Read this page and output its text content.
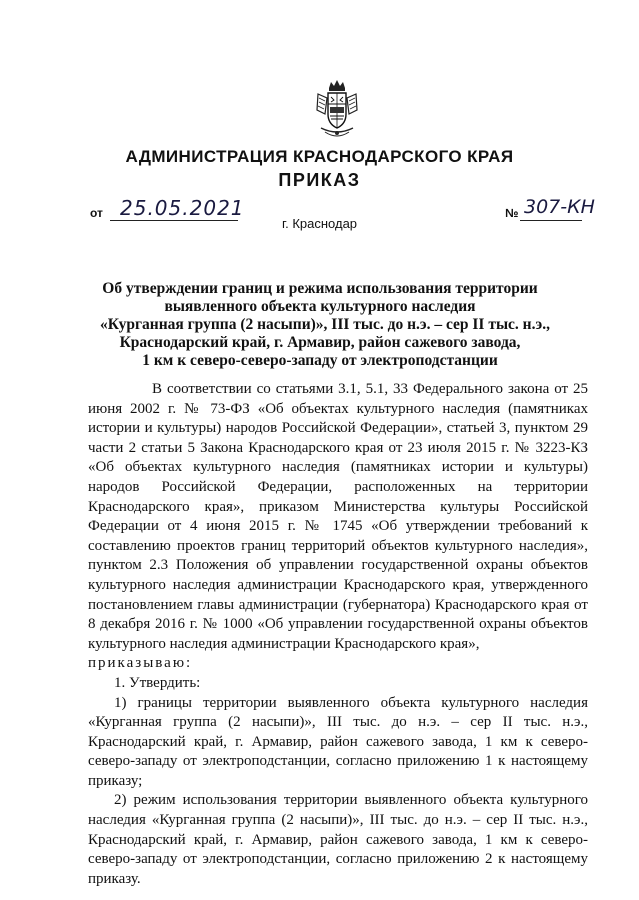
АДМИНИСТРАЦИЯ КРАСНОДАРСКОГО КРАЯ
ПРИКАЗ
от 25.05.2021	№ 307-КН
г. Краснодар
Об утверждении границ и режима использования территории
выявленного объекта культурного наследия
«Курганная группа (2 насыпи)», III тыс. до н.э. – сер II тыс. н.э.,
Краснодарский край, г. Армавир, район сажевого завода,
1 км к северо-северо-западу от электроподстанции

В соответствии со статьями 3.1, 5.1, 33 Федерального закона от 25 июня 2002 г. № 73-ФЗ «Об объектах культурного наследия (памятниках истории и культуры) народов Российской Федерации», статьей 3, пунктом 29 части 2 статьи 5 Закона Краснодарского края от 23 июля 2015 г. № 3223-КЗ «Об объектах культурного наследия (памятниках истории и культуры) народов Российской Федерации, расположенных на территории Краснодарского края», приказом Министерства культуры Российской Федерации от 4 июня 2015 г. № 1745 «Об утверждении требований к составлению проектов границ территорий объектов культурного наследия», пунктом 2.3 Положения об управлении государственной охраны объектов культурного наследия администрации Краснодарского края, утвержденного постановлением главы администрации (губернатора) Краснодарского края от 8 декабря 2016 г. № 1000 «Об управлении государственной охраны объектов культурного наследия администрации Краснодарского края»,

приказываю:

1. Утвердить:

1) границы территории выявленного объекта культурного наследия «Курганная группа (2 насыпи)», III тыс. до н.э. – сер II тыс. н.э., Краснодарский край, г. Армавир, район сажевого завода, 1 км к северо-северо-западу от электроподстанции, согласно приложению 1 к настоящему приказу;

2) режим использования территории выявленного объекта культурного наследия «Курганная группа (2 насыпи)», III тыс. до н.э. – сер II тыс. н.э., Краснодарский край, г. Армавир, район сажевого завода, 1 км к северо-северо-западу от электроподстанции, согласно приложению 2 к настоящему приказу.
